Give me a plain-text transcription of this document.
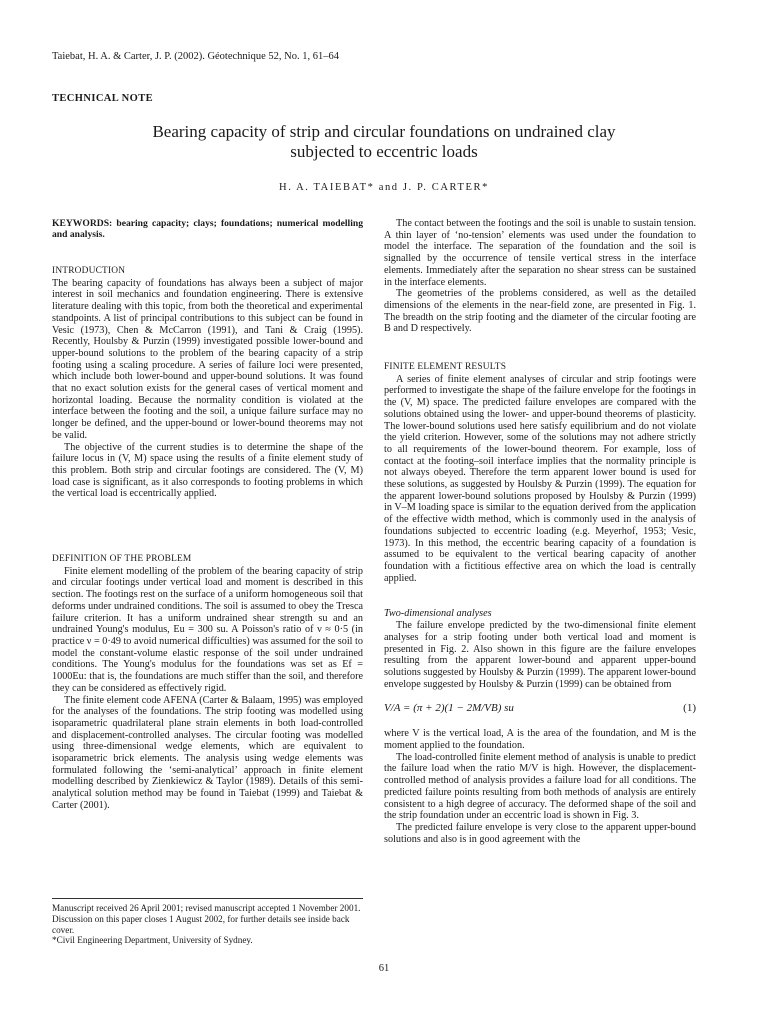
Taiebat, H. A. & Carter, J. P. (2002). Géotechnique 52, No. 1, 61–64
TECHNICAL NOTE
Bearing capacity of strip and circular foundations on undrained clay
subjected to eccentric loads
H. A. TAIEBAT* and J. P. CARTER*

KEYWORDS: bearing capacity; clays; foundations; numerical modelling and analysis.

INTRODUCTION

The bearing capacity of foundations has always been a subject of major interest in soil mechanics and foundation engineering. There is extensive literature dealing with this topic, from both the theoretical and experimental standpoints. A list of principal contributions to this subject can be found in Vesic (1973), Chen & McCarron (1991), and Tani & Craig (1995). Recently, Houlsby & Purzin (1999) investigated possible lower-bound and upper-bound solutions to the problem of the bearing capacity of a strip footing using a scaling procedure. A series of failure loci were presented, which include both lower-bound and upper-bound solutions. It was found that no exact solution exists for the general cases of vertical moment and horizontal loading. Because the normality condition is violated at the interface between the footing and the soil, a unique failure surface may no longer be defined, and the upper-bound or lower-bound theorems may not be valid.

The objective of the current studies is to determine the shape of the failure locus in (V, M) space using the results of a finite element study of this problem. Both strip and circular footings are considered. The (V, M) load case is significant, as it also corresponds to footing problems in which the vertical load is eccentrically applied.

DEFINITION OF THE PROBLEM

Finite element modelling of the problem of the bearing capacity of strip and circular footings under vertical load and moment is described in this section. The footings rest on the surface of a uniform homogeneous soil that deforms under undrained conditions. The soil is assumed to obey the Tresca failure criterion. It has a uniform undrained shear strength su and an undrained Young's modulus, Eu = 300 su. A Poisson's ratio of ν ≈ 0·5 (in practice ν = 0·49 to avoid numerical difficulties) was assumed for the soil to model the constant-volume elastic response of the soil under undrained conditions. The Young's modulus for the foundations was set as Ef = 1000Eu: that is, the foundations are much stiffer than the soil, and therefore they can be considered as effectively rigid.

The finite element code AFENA (Carter & Balaam, 1995) was employed for the analyses of the foundations. The strip footing was modelled using isoparametric quadrilateral plane strain elements in both load-controlled and displacement-controlled analyses. The circular footing was modelled using three-dimensional wedge elements, which are equivalent to isoparametric brick elements. The analysis using wedge elements was formulated following the ‘semi-analytical’ approach in finite element modelling described by Zienkiewicz & Taylor (1989). Details of this semi-analytical solution method may be found in Taiebat (1999) and Taiebat & Carter (2001).

Manuscript received 26 April 2001; revised manuscript accepted 1 November 2001.

Discussion on this paper closes 1 August 2002, for further details see inside back cover.

*Civil Engineering Department, University of Sydney.

The contact between the footings and the soil is unable to sustain tension. A thin layer of ‘no-tension’ elements was used under the foundation to model the interface. The separation of the foundation and the soil is signalled by the occurrence of tensile vertical stress in the interface elements. Immediately after the separation no shear stress can be sustained in the interface elements.

The geometries of the problems considered, as well as the detailed dimensions of the elements in the near-field zone, are presented in Fig. 1. The breadth on the strip footing and the diameter of the circular footing are B and D respectively.

FINITE ELEMENT RESULTS

A series of finite element analyses of circular and strip footings were performed to investigate the shape of the failure envelope for the footings in the (V, M) space. The predicted failure envelopes are compared with the solutions obtained using the lower- and upper-bound theorems of plasticity. The lower-bound solutions used here satisfy equilibrium and do not violate the yield criterion. However, some of the solutions may not adhere strictly to all requirements of the lower-bound theorem. For example, loss of contact at the footing–soil interface implies that the normality principle is not always obeyed. Therefore the term apparent lower bound is used for these solutions, as suggested by Houlsby & Purzin (1999). The equation for the apparent lower-bound solutions proposed by Houlsby & Purzin (1999) in V–M loading space is similar to the equation derived from the application of the effective width method, which is commonly used in the analysis of foundations subjected to eccentric loading (e.g. Meyerhof, 1953; Vesic, 1973). In this method, the eccentric bearing capacity of a foundation is assumed to be equivalent to the vertical bearing capacity of another foundation with a fictitious effective area on which the load is centrally applied.

Two-dimensional analyses

The failure envelope predicted by the two-dimensional finite element analyses for a strip footing under both vertical load and moment is presented in Fig. 2. Also shown in this figure are the failure envelopes resulting from the apparent lower-bound and apparent upper-bound solutions suggested by Houlsby & Purzin (1999). The apparent lower-bound envelope suggested by Houlsby & Purzin (1999) can be obtained from

V/A = (π + 2)(1 − 2M/VB) su	(1)

where V is the vertical load, A is the area of the foundation, and M is the moment applied to the foundation.

The load-controlled finite element method of analysis is unable to predict the failure load when the ratio M/V is high. However, the displacement-controlled method of analysis provides a failure load for all conditions. The predicted failure points resulting from both methods of analysis are entirely consistent to a high degree of accuracy. The deformed shape of the soil and the strip foundation under an eccentric load is shown in Fig. 3.

The predicted failure envelope is very close to the apparent upper-bound solutions and also is in good agreement with the

61
